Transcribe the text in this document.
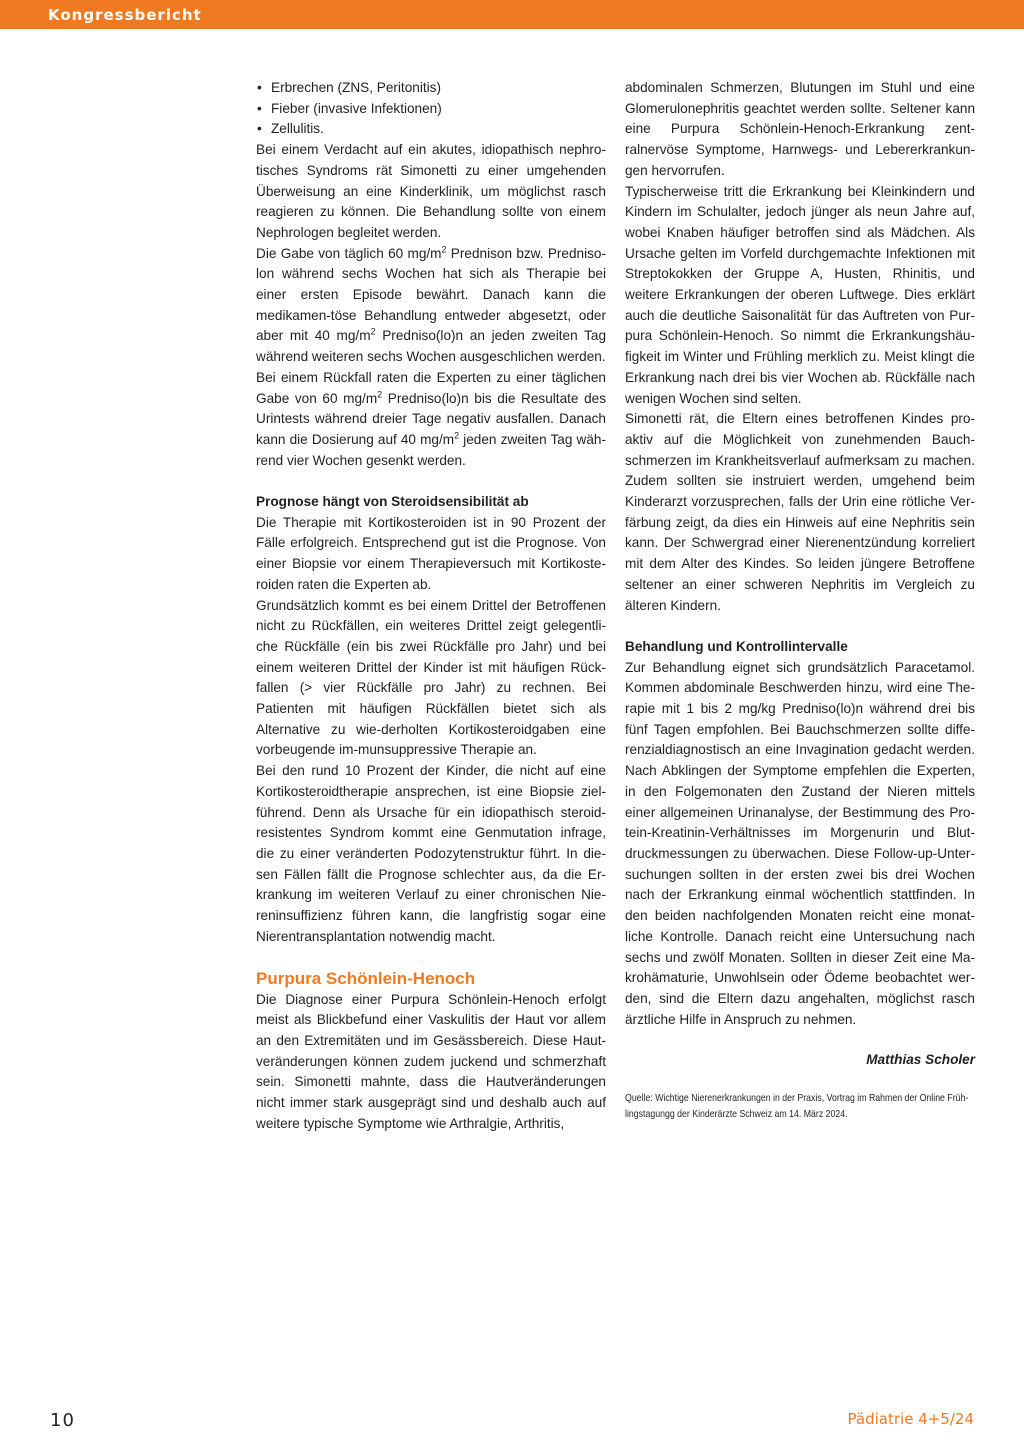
Kongressbericht
• Erbrechen (ZNS, Peritonitis)
• Fieber (invasive Infektionen)
• Zellulitis.

Bei einem Verdacht auf ein akutes, idiopathisch nephro-tisches Syndroms rät Simonetti zu einer umgehenden Überweisung an eine Kinderklinik, um möglichst rasch reagieren zu können. Die Behandlung sollte von einem Nephrologen begleitet werden.

Die Gabe von täglich 60 $mg/m^2$ Prednison bzw. Predniso-lon während sechs Wochen hat sich als Therapie bei einer ersten Episode bewährt. Danach kann die medikamen-töse Behandlung entweder abgesetzt, oder aber mit 40 $mg/m^2$ Predniso(lo)n an jeden zweiten Tag während weiteren sechs Wochen ausgeschlichen werden.

Bei einem Rückfall raten die Experten zu einer täglichen Gabe von 60 $mg/m^2$ Predniso(lo)n bis die Resultate des Urintests während dreier Tage negativ ausfallen. Danach kann die Dosierung auf 40 $mg/m^2$ jeden zweiten Tag wäh-rend vier Wochen gesenkt werden.

Prognose hängt von Steroidsensibilität ab

Die Therapie mit Kortikosteroiden ist in 90 Prozent der Fälle erfolgreich. Entsprechend gut ist die Prognose. Von einer Biopsie vor einem Therapieversuch mit Kortikoste-roiden raten die Experten ab.

Grundsätzlich kommt es bei einem Drittel der Betroffenen nicht zu Rückfällen, ein weiteres Drittel zeigt gelegentli-che Rückfälle (ein bis zwei Rückfälle pro Jahr) und bei einem weiteren Drittel der Kinder ist mit häufigen Rück-fallen (> vier Rückfälle pro Jahr) zu rechnen. Bei Patienten mit häufigen Rückfällen bietet sich als Alternative zu wie-derholten Kortikosteroidgaben eine vorbeugende im-munsuppressive Therapie an.

Bei den rund 10 Prozent der Kinder, die nicht auf eine Kortikosteroidtherapie ansprechen, ist eine Biopsie ziel-führend. Denn als Ursache für ein idiopathisch steroid-resistentes Syndrom kommt eine Genmutation infrage, die zu einer veränderten Podozytenstruktur führt. In die-sen Fällen fällt die Prognose schlechter aus, da die Er-krankung im weiteren Verlauf zu einer chronischen Nie-reninsuffizienz führen kann, die langfristig sogar eine Nierentransplantation notwendig macht.

Purpura Schönlein-Henoch

Die Diagnose einer Purpura Schönlein-Henoch erfolgt meist als Blickbefund einer Vaskulitis der Haut vor allem an den Extremitäten und im Gesässbereich. Diese Haut-veränderungen können zudem juckend und schmerzhaft sein. Simonetti mahnte, dass die Hautveränderungen nicht immer stark ausgeprägt sind und deshalb auch auf weitere typische Symptome wie Arthralgie, Arthritis,

abdominalen Schmerzen, Blutungen im Stuhl und eine Glomerulonephritis geachtet werden sollte. Seltener kann eine Purpura Schönlein-Henoch-Erkrankung zent-ralnervöse Symptome, Harnwegs- und Lebererkrankun-gen hervorrufen.

Typischerweise tritt die Erkrankung bei Kleinkindern und Kindern im Schulalter, jedoch jünger als neun Jahre auf, wobei Knaben häufiger betroffen sind als Mädchen. Als Ursache gelten im Vorfeld durchgemachte Infektionen mit Streptokokken der Gruppe A, Husten, Rhinitis, und weitere Erkrankungen der oberen Luftwege. Dies erklärt auch die deutliche Saisonalität für das Auftreten von Pur-pura Schönlein-Henoch. So nimmt die Erkrankungshäu-figkeit im Winter und Frühling merklich zu. Meist klingt die Erkrankung nach drei bis vier Wochen ab. Rückfälle nach wenigen Wochen sind selten.

Simonetti rät, die Eltern eines betroffenen Kindes pro-aktiv auf die Möglichkeit von zunehmenden Bauch-schmerzen im Krankheitsverlauf aufmerksam zu machen. Zudem sollten sie instruiert werden, umgehend beim Kinderarzt vorzusprechen, falls der Urin eine rötliche Ver-färbung zeigt, da dies ein Hinweis auf eine Nephritis sein kann. Der Schwergrad einer Nierenentzündung korreliert mit dem Alter des Kindes. So leiden jüngere Betroffene seltener an einer schweren Nephritis im Vergleich zu älteren Kindern.

Behandlung und Kontrollintervalle

Zur Behandlung eignet sich grundsätzlich Paracetamol. Kommen abdominale Beschwerden hinzu, wird eine The-rapie mit 1 bis 2 mg/kg Predniso(lo)n während drei bis fünf Tagen empfohlen. Bei Bauchschmerzen sollte diffe-renzialdiagnostisch an eine Invagination gedacht werden. Nach Abklingen der Symptome empfehlen die Experten, in den Folgemonaten den Zustand der Nieren mittels einer allgemeinen Urinanalyse, der Bestimmung des Pro-tein-Kreatinin-Verhältnisses im Morgenurin und Blut-druckmessungen zu überwachen. Diese Follow-up-Unter-suchungen sollten in der ersten zwei bis drei Wochen nach der Erkrankung einmal wöchentlich stattfinden. In den beiden nachfolgenden Monaten reicht eine monat-liche Kontrolle. Danach reicht eine Untersuchung nach sechs und zwölf Monaten. Sollten in dieser Zeit eine Ma-krohämaturie, Unwohlsein oder Ödeme beobachtet wer-den, sind die Eltern dazu angehalten, möglichst rasch ärztliche Hilfe in Anspruch zu nehmen.

Matthias Scholer

Quelle: Wichtige Nierenerkrankungen in der Praxis, Vortrag im Rahmen der Online Früh-lingstagungg der Kinderärzte Schweiz am 14. März 2024.

10	Pädiatrie 4+5/24
